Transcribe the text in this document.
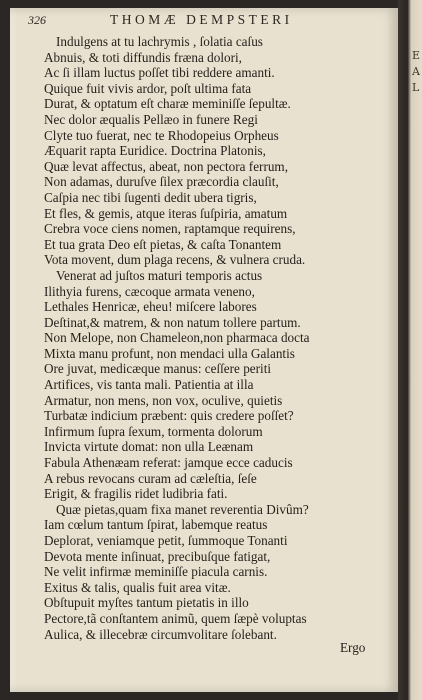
E
A
L
326	THOMÆ DEMPSTERI
Indulgens at tu lachrymis , ſolatia caſus
Abnuis, & toti diffundis fræna dolori,
Ac ſi illam luctus poſſet tibi reddere amanti.
Quique fuit vivis ardor, poſt ultima fata
Durat, & optatum eſt charæ meminiſſe ſepultæ.
Nec dolor æqualis Pellæo in funere Regi
Clyte tuo fuerat, nec te Rhodopeius Orpheus
Æquarit rapta Euridice. Doctrina Platonis,
Quæ levat affectus, abeat, non pectora ferrum,
Non adamas, duruſve ſilex præcordia clauſit,
Caſpia nec tibi ſugenti dedit ubera tigris,
Et fles, & gemis, atque iteras ſuſpiria, amatum
Crebra voce ciens nomen, raptamque requirens,
Et tua grata Deo eſt pietas, & caſta Tonantem
Vota movent, dum plaga recens, & vulnera cruda.
Venerat ad juſtos maturi temporis actus
Ilithyia furens, cæcoque armata veneno,
Lethales Henricæ, eheu! miſcere labores
Deſtinat,& matrem, & non natum tollere partum.
Non Melope, non Chameleon,non pharmaca docta
Mixta manu profunt, non mendaci ulla Galantis
Ore juvat, medicæque manus: ceſſere periti
Artifices, vis tanta mali. Patientia at illa
Armatur, non mens, non vox, oculive, quietis
Turbatæ indicium præbent: quis credere poſſet?
Infirmum ſupra ſexum, tormenta dolorum
Invicta virtute domat: non ulla Leænam
Fabula Athenæam referat: jamque ecce caducis
A rebus revocans curam ad cæleſtia, ſeſe
Erigit, & fragilis ridet ludibria fati.
Quæ pietas,quam fixa manet reverentia Divûm?
Iam cœlum tantum ſpirat, labemque reatus
Deplorat, veniamque petit, ſummoque Tonanti
Devota mente inſinuat, precibuſque fatigat,
Ne velit infirmæ meminiſſe piacula carnis.
Exitus & talis, qualis fuit area vitæ.
Obſtupuit myſtes tantum pietatis in illo
Pectore,tã conſtantem animũ, quem ſæpè voluptas
Aulica, & illecebræ circumvolitare ſolebant.
Ergo
